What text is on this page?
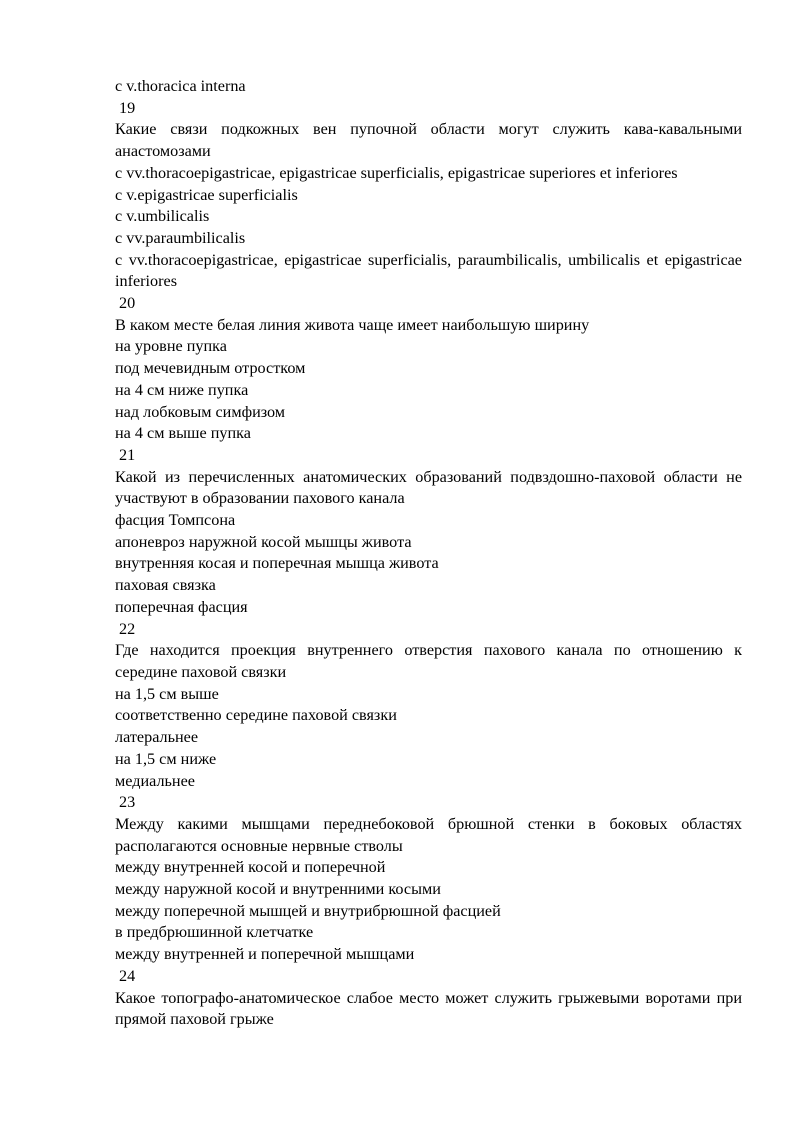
с v.thoracica interna
19
Какие связи подкожных вен пупочной области могут служить кава-кавальными анастомозами
с vv.thoracoepigastricae, epigastricae superficialis, epigastricae superiores et inferiores
с v.epigastricae superficialis
с v.umbilicalis
с vv.paraumbilicalis
с vv.thoracoepigastricae, epigastricae superficialis, paraumbilicalis, umbilicalis et epigastricae inferiores
20
В каком месте белая линия живота чаще имеет наибольшую ширину
на уровне пупка
под мечевидным отростком
на 4 см ниже пупка
над лобковым симфизом
на 4 см выше пупка
21
Какой из перечисленных анатомических образований подвздошно-паховой области не участвуют в образовании пахового канала
фасция Томпсона
апоневроз наружной косой мышцы живота
внутренняя косая и поперечная мышца живота
паховая связка
поперечная фасция
22
Где находится проекция внутреннего отверстия пахового канала по отношению к середине паховой связки
на 1,5 см выше
соответственно середине паховой связки
латеральнее
на 1,5 см ниже
медиальнее
23
Между какими мышцами переднебоковой брюшной стенки в боковых областях располагаются основные нервные стволы
между внутренней косой и поперечной
между наружной косой и внутренними косыми
между поперечной мышцей и внутрибрюшной фасцией
в предбрюшинной клетчатке
между внутренней и поперечной мышцами
24
Какое топографо-анатомическое слабое место может служить грыжевыми воротами при прямой паховой грыже
